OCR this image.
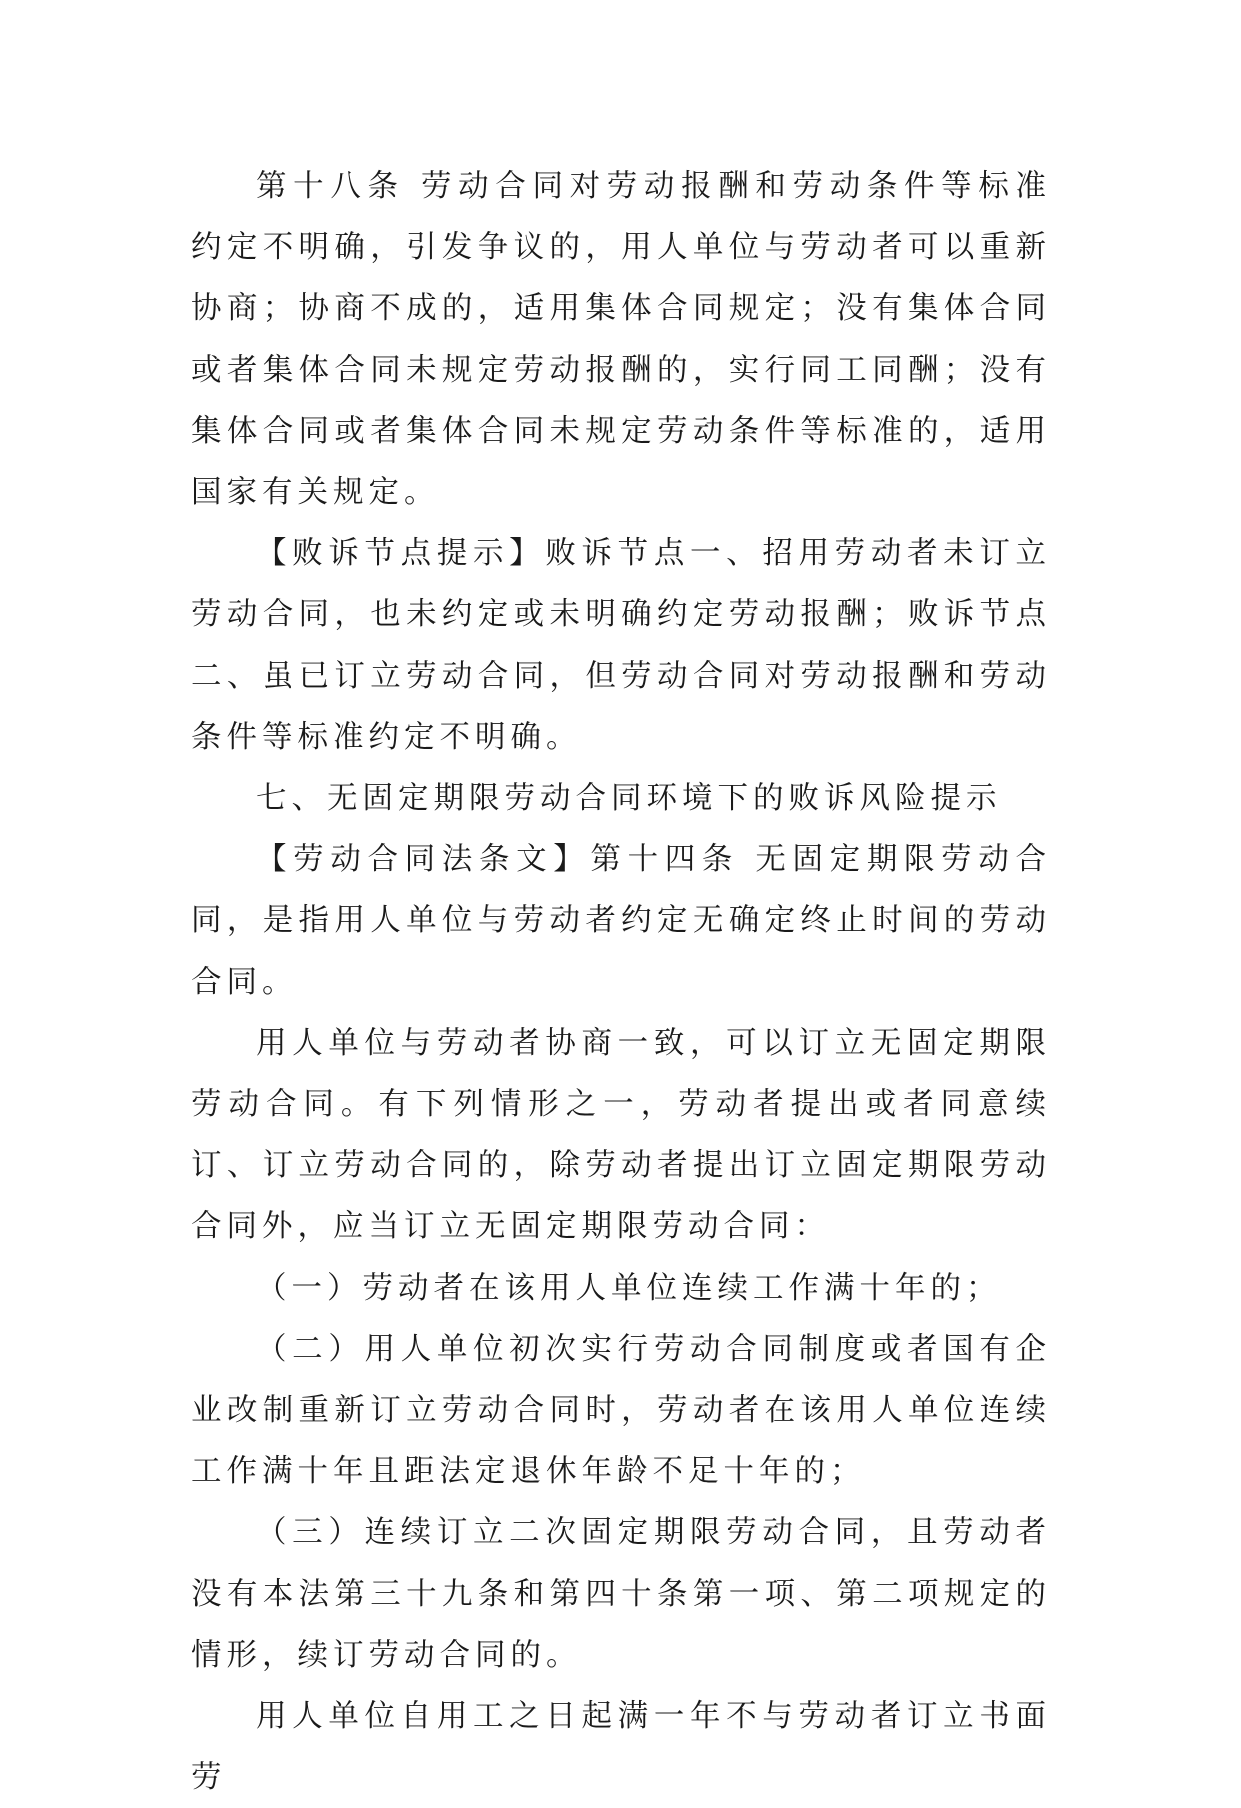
第十八条 劳动合同对劳动报酬和劳动条件等标准约定不明确，引发争议的，用人单位与劳动者可以重新协商；协商不成的，适用集体合同规定；没有集体合同或者集体合同未规定劳动报酬的，实行同工同酬；没有集体合同或者集体合同未规定劳动条件等标准的，适用国家有关规定。

【败诉节点提示】败诉节点一、招用劳动者未订立劳动合同，也未约定或未明确约定劳动报酬；败诉节点二、虽已订立劳动合同，但劳动合同对劳动报酬和劳动条件等标准约定不明确。

七、无固定期限劳动合同环境下的败诉风险提示

【劳动合同法条文】第十四条 无固定期限劳动合同，是指用人单位与劳动者约定无确定终止时间的劳动合同。

用人单位与劳动者协商一致，可以订立无固定期限劳动合同。有下列情形之一，劳动者提出或者同意续订、订立劳动合同的，除劳动者提出订立固定期限劳动合同外，应当订立无固定期限劳动合同：

（一）劳动者在该用人单位连续工作满十年的；

（二）用人单位初次实行劳动合同制度或者国有企业改制重新订立劳动合同时，劳动者在该用人单位连续工作满十年且距法定退休年龄不足十年的；

（三）连续订立二次固定期限劳动合同，且劳动者没有本法第三十九条和第四十条第一项、第二项规定的情形，续订劳动合同的。

用人单位自用工之日起满一年不与劳动者订立书面劳
